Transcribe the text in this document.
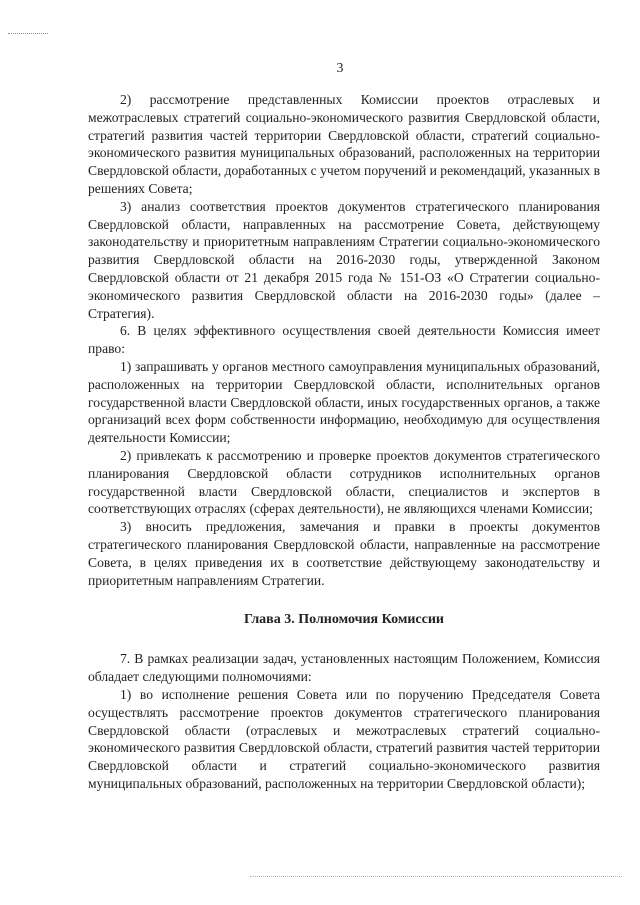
3

2) рассмотрение представленных Комиссии проектов отраслевых и межотраслевых стратегий социально-экономического развития Свердловской области, стратегий развития частей территории Свердловской области, стратегий социально-экономического развития муниципальных образований, расположенных на территории Свердловской области, доработанных с учетом поручений и рекомендаций, указанных в решениях Совета;

3) анализ соответствия проектов документов стратегического планирования Свердловской области, направленных на рассмотрение Совета, действующему законодательству и приоритетным направлениям Стратегии социально-экономического развития Свердловской области на 2016-2030 годы, утвержденной Законом Свердловской области от 21 декабря 2015 года № 151-ОЗ «О Стратегии социально-экономического развития Свердловской области на 2016-2030 годы» (далее – Стратегия).

6. В целях эффективного осуществления своей деятельности Комиссия имеет право:

1) запрашивать у органов местного самоуправления муниципальных образований, расположенных на территории Свердловской области, исполнительных органов государственной власти Свердловской области, иных государственных органов, а также организаций всех форм собственности информацию, необходимую для осуществления деятельности Комиссии;

2) привлекать к рассмотрению и проверке проектов документов стратегического планирования Свердловской области сотрудников исполнительных органов государственной власти Свердловской области, специалистов и экспертов в соответствующих отраслях (сферах деятельности), не являющихся членами Комиссии;

3) вносить предложения, замечания и правки в проекты документов стратегического планирования Свердловской области, направленные на рассмотрение Совета, в целях приведения их в соответствие действующему законодательству и приоритетным направлениям Стратегии.

Глава 3. Полномочия Комиссии

7. В рамках реализации задач, установленных настоящим Положением, Комиссия обладает следующими полномочиями:

1) во исполнение решения Совета или по поручению Председателя Совета осуществлять рассмотрение проектов документов стратегического планирования Свердловской области (отраслевых и межотраслевых стратегий социально-экономического развития Свердловской области, стратегий развития частей территории Свердловской области и стратегий социально-экономического развития муниципальных образований, расположенных на территории Свердловской области);
